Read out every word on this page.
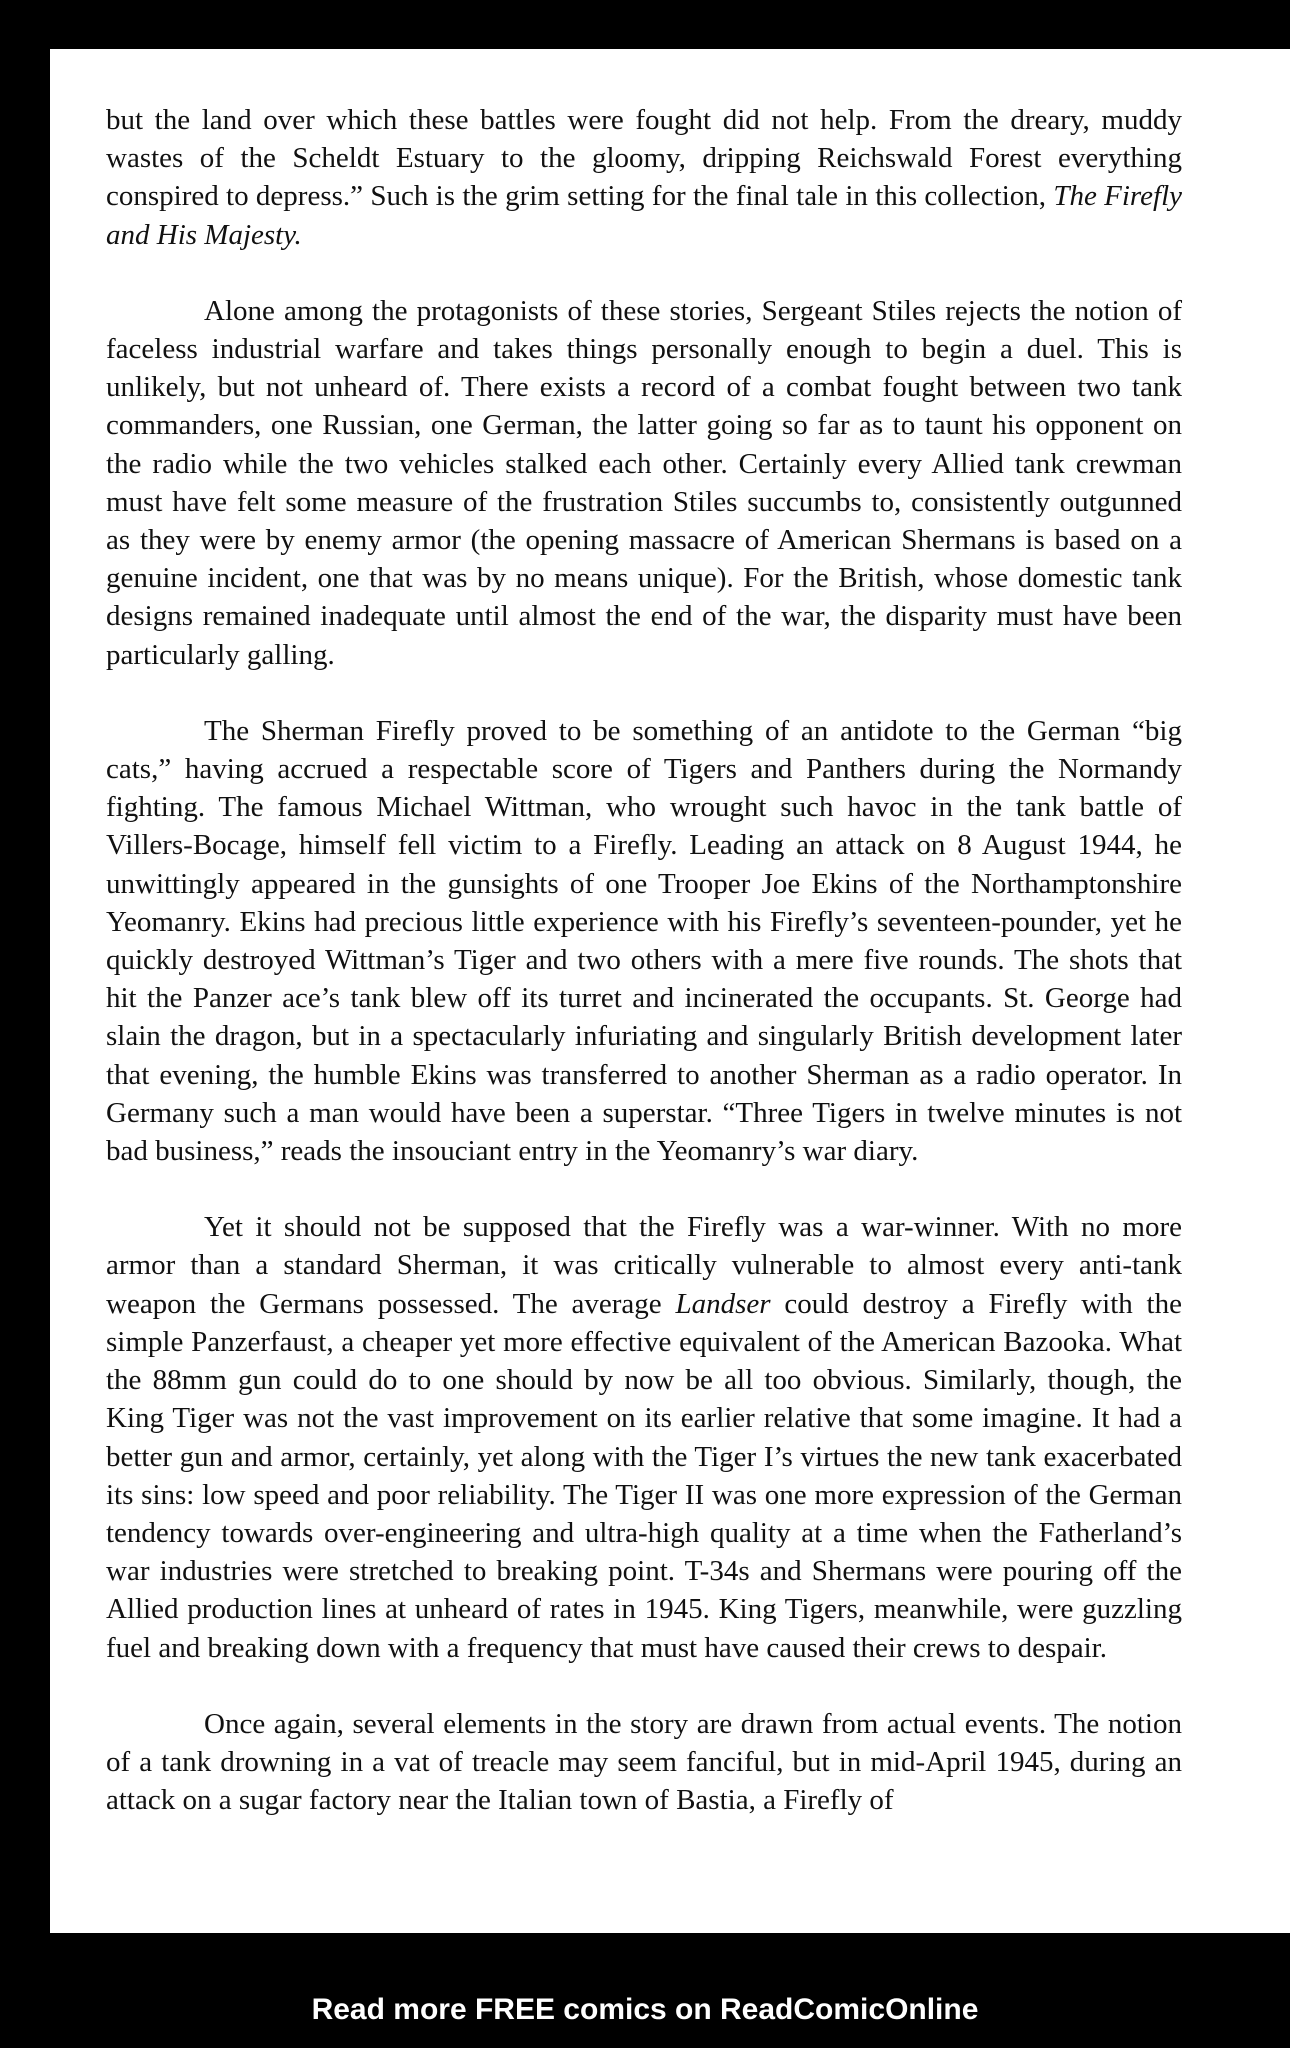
but the land over which these battles were fought did not help. From the dreary, muddy wastes of the Scheldt Estuary to the gloomy, dripping Reichswald Forest everything conspired to depress.” Such is the grim setting for the final tale in this collection, The Firefly and His Majesty.

Alone among the protagonists of these stories, Sergeant Stiles rejects the notion of faceless industrial warfare and takes things personally enough to begin a duel. This is unlikely, but not unheard of. There exists a record of a combat fought between two tank commanders, one Russian, one German, the latter going so far as to taunt his opponent on the radio while the two vehicles stalked each other. Certainly every Allied tank crewman must have felt some measure of the frustration Stiles succumbs to, consistently outgunned as they were by enemy armor (the opening massacre of American Shermans is based on a genuine incident, one that was by no means unique). For the British, whose domestic tank designs remained inadequate until almost the end of the war, the disparity must have been particularly galling.

The Sherman Firefly proved to be something of an antidote to the German “big cats,” having accrued a respectable score of Tigers and Panthers during the Normandy fighting. The famous Michael Wittman, who wrought such havoc in the tank battle of Villers-Bocage, himself fell victim to a Firefly. Leading an attack on 8 August 1944, he unwittingly appeared in the gunsights of one Trooper Joe Ekins of the Northamptonshire Yeomanry. Ekins had precious little experience with his Firefly’s seventeen-pounder, yet he quickly destroyed Wittman’s Tiger and two others with a mere five rounds. The shots that hit the Panzer ace’s tank blew off its turret and incinerated the occupants. St. George had slain the dragon, but in a spectacularly infuriating and singularly British development later that evening, the humble Ekins was transferred to another Sherman as a radio operator. In Germany such a man would have been a superstar. “Three Tigers in twelve minutes is not bad business,” reads the insouciant entry in the Yeomanry’s war diary.

Yet it should not be supposed that the Firefly was a war-winner. With no more armor than a standard Sherman, it was critically vulnerable to almost every anti-tank weapon the Germans possessed. The average Landser could destroy a Firefly with the simple Panzerfaust, a cheaper yet more effective equivalent of the American Bazooka. What the 88mm gun could do to one should by now be all too obvious. Similarly, though, the King Tiger was not the vast improvement on its earlier relative that some imagine. It had a better gun and armor, certainly, yet along with the Tiger I’s virtues the new tank exacerbated its sins: low speed and poor reliability. The Tiger II was one more expression of the German tendency towards over-engineering and ultra-high quality at a time when the Fatherland’s war industries were stretched to breaking point. T-34s and Shermans were pouring off the Allied production lines at unheard of rates in 1945. King Tigers, meanwhile, were guzzling fuel and breaking down with a frequency that must have caused their crews to despair.

Once again, several elements in the story are drawn from actual events. The notion of a tank drowning in a vat of treacle may seem fanciful, but in mid-April 1945, during an attack on a sugar factory near the Italian town of Bastia, a Firefly of

Read more FREE comics on ReadComicOnline
